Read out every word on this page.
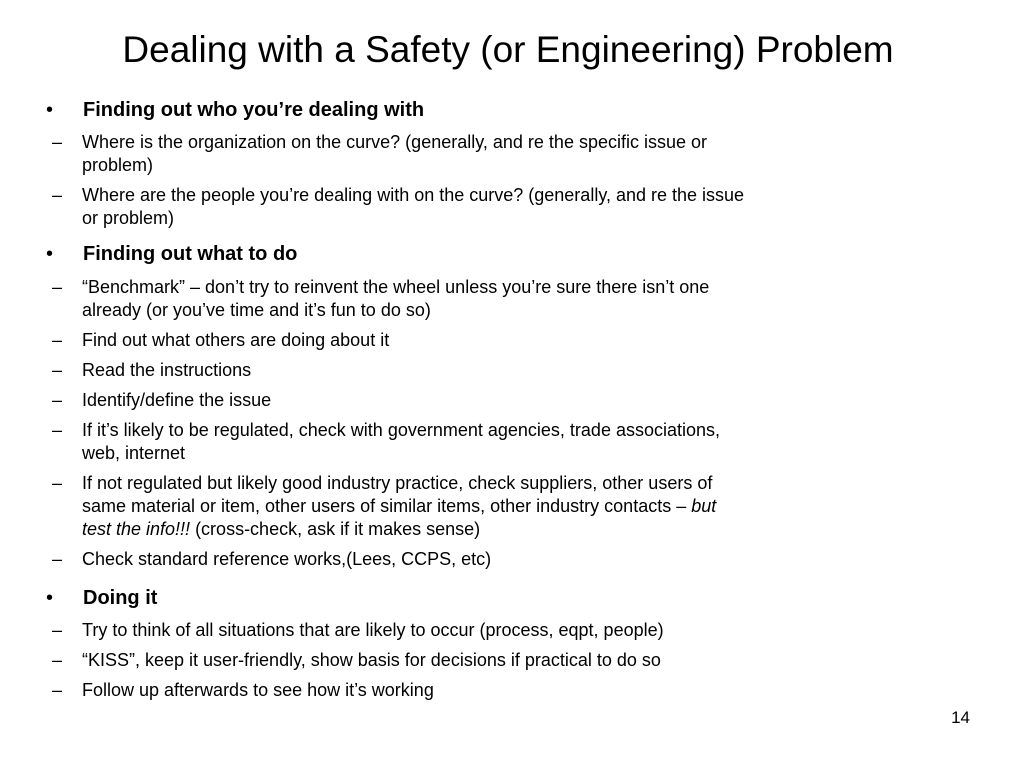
Dealing with a Safety (or Engineering) Problem
• Finding out who you’re dealing with
– Where is the organization on the curve? (generally, and re the specific issue or
problem)
– Where are the people you’re dealing with on the curve? (generally, and re the issue
or problem)
• Finding out what to do
– “Benchmark” – don’t try to reinvent the wheel unless you’re sure there isn’t one
already (or you’ve time and it’s fun to do so)
– Find out what others are doing about it
– Read the instructions
– Identify/define the issue
– If it’s likely to be regulated, check with government agencies, trade associations,
web, internet
– If not regulated but likely good industry practice, check suppliers, other users of
same material or item, other users of similar items, other industry contacts – but
test the info!!! (cross-check, ask if it makes sense)
– Check standard reference works,(Lees, CCPS, etc)
• Doing it
– Try to think of all situations that are likely to occur (process, eqpt, people)
– “KISS”, keep it user-friendly, show basis for decisions if practical to do so
– Follow up afterwards to see how it’s working
14
